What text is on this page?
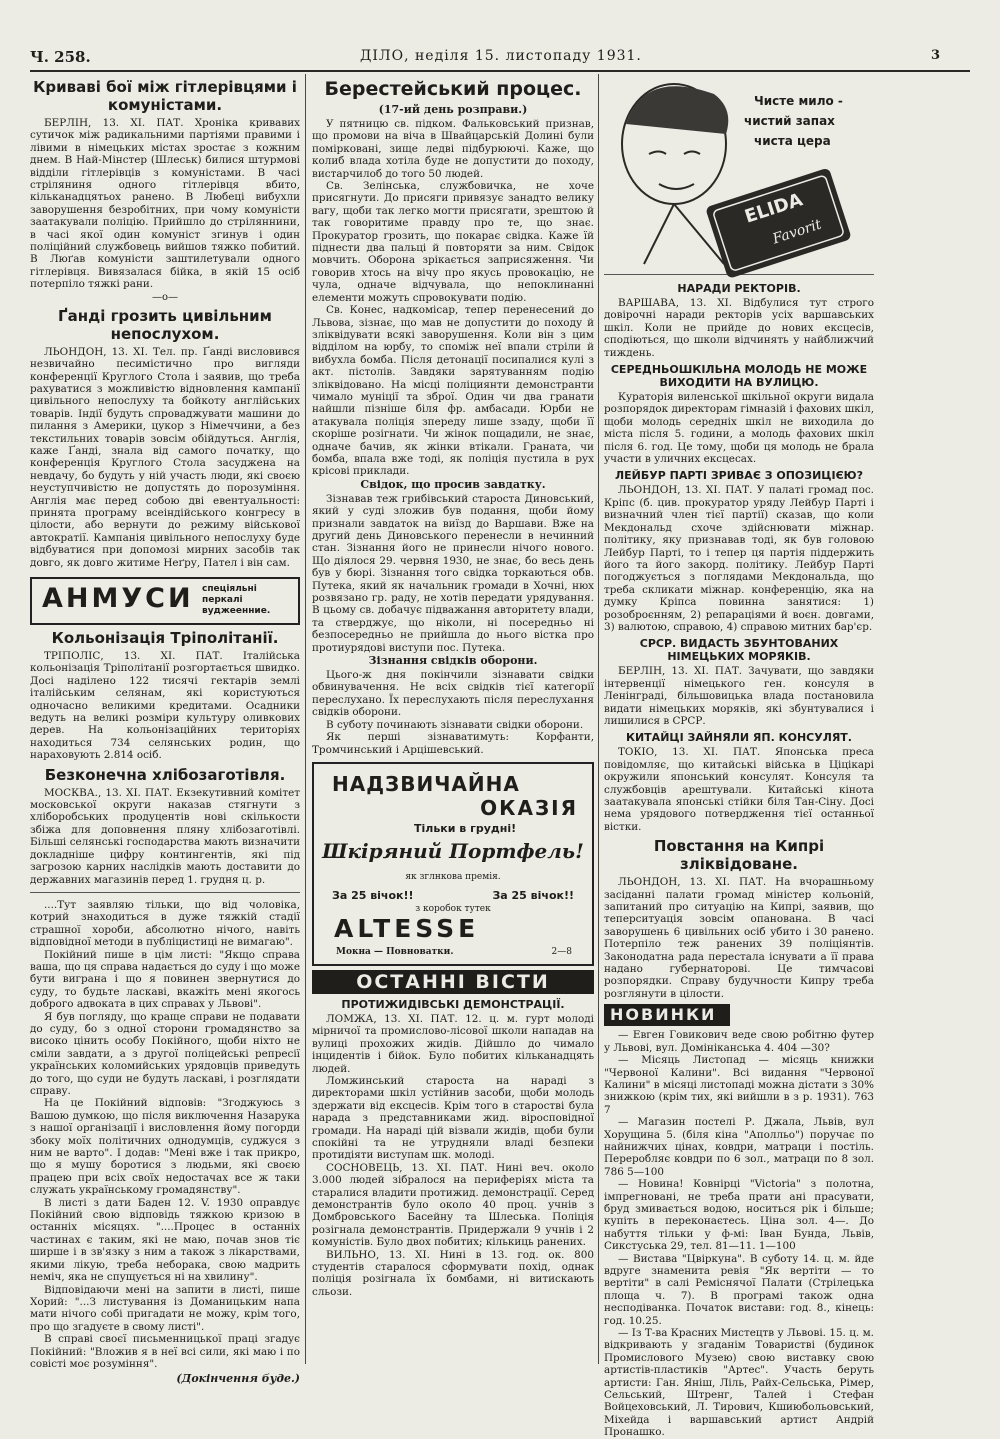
Ч. 258.	ДІЛО, неділя 15. листопаду 1931.	3
Криваві бої між гітлерівцями і комуністами.

БЕРЛІН, 13. XI. ПАТ. Хроніка кривавих сутичок між радикальними партіями правими і лівими в німецьких містах зростає з кожним днем. В Най-Мінстер (Шлеськ) билися штурмові відділи гітлерівців з комуністами. В часі стріляниня одного гітлерівця вбито, кільканадцятьох ранено. В Любеці вибухли заворушення безробітних, при чому комуністи заатакували поліцію. Прийшло до стріляннини, в часі якої один комуніст згинув і один поліційний службовець вийшов тяжко побитий. В Люґав комуністи заштилетували одного гітлерівця. Вивязалася бійка, в якій 15 осіб потерпіло тяжкі рани.

—o—
Ґанді грозить цивільним непослухом.

ЛЬОНДОН, 13. XI. Тел. пр. Ґанді висловився незвичайно песимістично про вигляди конференції Круглого Стола і заявив, що треба рахуватися з можливістю відновлення кампанії цивільного непослуху та бойкоту англійських товарів. Індії будуть спроваджувати машини до пилання з Америки, цукор з Німеччини, а без текстильних товарів зовсім обійдуться. Англія, каже Ґанді, знала від самого початку, що конференція Круглого Стола засуджена на невдачу, бо будуть у ній участь люди, які своєю неуступчивістю не допустять до порозуміння. Англія має перед собою дві евентуальності: принята програму всеіндійського конгресу в цілости, або вернути до режиму військової автократії. Кампанія цивільного непослуху буде відбуватися при допомозі мирних засобів так довго, як довго житиме Неґру, Пател і він сам.

АНМУСИ спеціяльні
перкалі
вуджеенние.
Кольонізація Тріполітанії.

ТРІПОЛІС, 13. XI. ПАТ. Італійська кольонізація Тріполітанії розгортається швидко. Досі наділено 122 тисячі гектарів землі італійським селянам, які користуються одночасно великими кредитами. Осадники ведуть на великі розміри культуру оливкових дерев. На кольонізаційних територіях находиться 734 селянських родин, що нараховують 2.814 осіб.

Безконечна хлібозаготівля.

МОСКВА., 13. XI. ПАТ. Екзекутивний комітет московської округи наказав стягнути з хліборобських продуцентів нові скількости збіжа для доповнення пляну хлібозаготівлі. Більші селянські господарства мають визначити докладніше цифру контингентів, які під загрозою карних наслідків мають доставити до державних магазинів перед 1. грудня ц. р.

....Тут заявляю тільки, що від чоловіка, котрий знаходиться в дуже тяжкій стадії страшної хороби, абсолютно нічого, навіть відповідної методи в публіцистиці не вимагаю".

Покійний пише в цім листі: "Якщо справа ваша, що ця справа надається до суду і що може бути виграна і що я повинен звернутися до суду, то будьте ласкаві, вкажіть мені якогось доброго адвоката в цих справах у Львові".

Я був погляду, що краще справи не подавати до суду, бо з одної сторони громадянство за високо цінить особу Покійного, щоби ніхто не сміли завдати, а з другої поліцейські репресії українських коломийських урядовців приведуть до того, що суди не будуть ласкаві, і розглядати справу.

На це Покійний відповів: "Згоджуюсь з Вашою думкою, що після виключення Назарука з нашої організації і висловлення йому погорди збоку моїх політичних однодумців, суджуся з ним не варто". І додав: "Мені вже і так прикро, що я мушу боротися з людьми, які своєю працею при всіх своїх недостачах все ж таки служать українському громадянству".

В листі з дати Баден 12. V. 1930 оправдує Покійний свою відповідь тяжкою кризою в останніх місяцях. "....Процес в останніх частинах є таким, які не маю, почав знов тіє ширше і в зв'язку з ним а також з лікарствами, якими лікую, треба неборака, свою мадрить неміч, яка не спущується ні на хвилину".

Відповідаючи мені на запити в листі, пише Хорий: "...З листування із Доманицьким напа мати нічого собі пригадати не можу, крім того, про що згадуєте в свому листі".

В справі своєї письменницької праці згадує Покійний: "Вложив я в неї всі сили, які маю і по совісті моє розуміння".

(Докінчення буде.)
Берестейський процес.
(17-ий день розправи.)

У пятницю св. підком. Фальковський признав, що промови на віча в Швайцарській Долині були помірковані, зище ледві підбурюючі. Каже, що колиб влада хотіла буде не допустити до походу, вистарчилоб до того 50 людей.

Св. Зелінська, службовичка, не хоче присягнути. До присяги привязує занадто велику вагу, щоби так легко могти присягати, зрештою й так говоритиме правду про те, що знає. Прокуратор грозить, що покарає свідка. Каже їй піднести два пальці й повторяти за ним. Свідок мовчить. Оборона зрікається заприсяження. Чи говорив хтось на вічу про якусь провокацію, не чула, одначе відчувала, що непоклинанні елементи можуть спровокувати подію.

Св. Конес, надкомісар, тепер перенесений до Львова, зізнає, що мав не допустити до походу й зліквідувати всякі заворушення. Коли він з цим відділом на юрбу, то споміж неї впали стріли й вибухла бомба. Після детонації посипалися кулі з акт. пістолів. Завдяки зарятуванням подію зліквідовано. На місці поліциянти демонстранти чимало муніції та зброї. Один чи два гранати найшли пізніше біля фр. амбасади. Юрби не атакувала поліція зпереду лише ззаду, щоби її скоріше розігнати. Чи жінок пощадили, не знає, одначе бачив, як жінки втікали. Граната, чи бомба, впала вже тоді, як поліція пустила в рух крісові приклади.

Свідок, що просив завдатку.

Зізнавав теж грибівський староста Диновський, який у суді зложив був подання, щоби йому признали завдаток на виїзд до Варшави. Вже на другий день Диновського перенесли в нечинний стан. Зізнання його не принесли нічого нового. Що діялося 29. червня 1930, не знає, бо весь день був у бюрі. Зізнання того свідка торкаються обв. Путека, який як начальник громади в Хочні, нюх розвязано гр. раду, не хотів передати урядування. В цьому св. добачує підважання авторитету влади, та стверджує, що ніколи, ні посередньо ні безпосередньо не прийшла до нього вістка про протиурядові виступи пос. Путека.

Зізнання свідків оборони.

Цього-ж дня покінчили зізнавати свідки обвинувачення. Не всіх свідків тієї категорії переслухано. Їх переслухають після переслухання свідків оборони.

В суботу починають зізнавати свідки оборони.

Як перші зізнаватимуть: Корфанти, Тромчинський і Арцішевський.

НАДЗВИЧАЙНА
ОКАЗІЯ
Тільки в грудні!
Шкіряний Портфель!
як зглнкова премія.
За 25 вічок!!	За 25 вічок!!
з коробок тутек
ALTESSE
Мокна — Повноватки.	2—8
ОСТАННІ ВІСТИ
ПРОТИЖИДІВСЬКІ ДЕМОНСТРАЦІЇ.

ЛОМЖА, 13. XI. ПАТ. 12. ц. м. гурт молоді мірничої та промислово-лісової школи нападав на вулиці прохожих жидів. Дійшло до чимало інцидентів і бійок. Було побитих кільканадцять людей.

Ломжинський староста на нараді з директорами шкіл устійнив засоби, щоби молодь здержати від ексцесів. Крім того в старостві була нарада з представниками жид. віросповідної громади. На нараді цій візвали жидів, щоби були спокійні та не утрудняли владі безпеки протидіяти виступам шк. молоді.

СОСНОВЕЦЬ, 13. XI. ПАТ. Нині веч. около 3.000 людей зібралося на периферіях міста та старалися владити протижид. демонстрації. Серед демонстрантів було около 40 проц. учнів з Домбровського Басейну та Шлеська. Поліція розігнала демонстрантів. Придержали 9 учнів і 2 комуністів. Було двох побитих; кількиць ранених.

ВИЛЬНО, 13. XI. Нині в 13. год. ок. 800 студентів старалося сформувати похід, однак поліція розігнала їх бомбами, ні витискають сльози.

Чисте мило -
чистий запах
чиста цера
ELIDA
Favorit
НАРАДИ РЕКТОРІВ.

ВАРШАВА, 13. XI. Відбулися тут строго довірочні наради ректорів усіх варшавських шкіл. Коли не прийде до нових ексцесів, сподіються, що школи відчинять у найближчий тиждень.

СЕРЕДНЬОШКІЛЬНА МОЛОДЬ НЕ МОЖЕ ВИХОДИТИ НА ВУЛИЦЮ.

Кураторія виленської шкільної округи видала розпорядок директорам гімназій і фахових шкіл, щоби молодь середніх шкіл не виходила до міста після 5. години, а молодь фахових шкіл після 6. год. Це тому, щоби ця молодь не брала участи в уличних ексцесах.

ЛЕЙБУР ПАРТІ ЗРИВАЄ З ОПОЗИЦІЄЮ?

ЛЬОНДОН, 13. XI. ПАТ. У палаті громад пос. Кріпс (б. цив. прокуратор уряду Лейбур Парті і визначний член тієї партії) сказав, що коли Мекдональд схоче здійснювати міжнар. політику, яку признавав тоді, як був головою Лейбур Парті, то і тепер ця партія піддержить його та його закорд. політику. Лейбур Парті погоджується з поглядами Мекдональда, що треба скликати міжнар. конференцію, яка на думку Кріпса повинна занятися: 1) розоброєнням, 2) репараціями й вoєн. довгами, 3) валютою, справою, 4) справою митних бар'єр.

СРСР. ВИДАСТЬ ЗБУНТОВАНИХ НІМЕЦЬКИХ МОРЯКІВ.

БЕРЛІН, 13. XI. ПАТ. Зачувати, що завдяки інтервенції німецького ген. консуля в Ленінграді, більшовицька влада постановила видати німецьких моряків, які збунтувалися і лишилися в СРСР.

КИТАЙЦІ ЗАЙНЯЛИ ЯП. КОНСУЛЯТ.

ТОКІО, 13. XI. ПАТ. Японська преса повідомляє, що китайські війська в Ціцікарі окружили японський консулят. Консуля та службовців арештували. Китайські кінота заатакувала японські стійки біля Тан-Сіну. Досі нема урядового потвердження тієї останньої вістки.

Повстання на Кипрі зліквідоване.

ЛЬОНДОН, 13. XI. ПАТ. На вчорашньому засіданні палати громад міністер кольоній, запитаний про ситуацію на Кипрі, заявив, що теперситуація зовсім опанована. В часі заворушень 6 цивільних осіб убито і 30 ранено. Потерпіло теж ранених 39 поліціянтів. Законодатна рада перестала існувати а її права надано губернаторові. Це тимчасові розпорядки. Справу будучности Кипру треба розглянути в цілости.

НОВИНКИ

— Евген Говикович веде свою робітню футер у Львові, вул. Домініканська 4. 404 —30?

— Місяць Листопад — місяць книжки "Червоної Калини". Всі видання "Червоної Калини" в місяці листопаді можна дістати з 30% знижкою (крім тих, які вийшли в з р. 1931). 763 7

— Магазин постелі Р. Джала, Львів, вул Хорущина 5. (біля кіна "Аполльо") поручає по найнижчих цінах, ковдри, матраци і постіль. Переробляє ковдри по 6 зол., матраци по 8 зол. 786 5—100

— Новина! Ковнірці "Victoria" з полотна, імпрегновані, не треба прати ані прасувати, бруд змивається водою, носиться рік і більше; купіть в переконаєтесь. Ціна зол. 4—. До набуття тільки у ф-мі: Іван Бунда, Львів, Сикстуська 29, тел. 81—11. 1—100

— Вистава "Цвіркуна". В суботу 14. ц. м. йде вдруге знаменита ревія "Як вертіти — то вертіти" в салі Реміснячої Палати (Стрілецька площа ч. 7). В програмі також одна несподіванка. Початок вистави: год. 8., кінець: год. 10.25.

— Із Т-ва Красних Мистецтв у Львові. 15. ц. м. відкривають у згаданім Товаристві (будинок Промислового Музею) свою виставку свою артистів-пластиків "Артес". Участь беруть артисти: Ган. Яніш, Ліль, Райх-Сельська, Рімер, Сельський, Штренг, Талей і Стефан Войцеховський, Л. Тирович, Кшиюбольовський, Міхейда і варшавський артист Андрій Пронашко.
